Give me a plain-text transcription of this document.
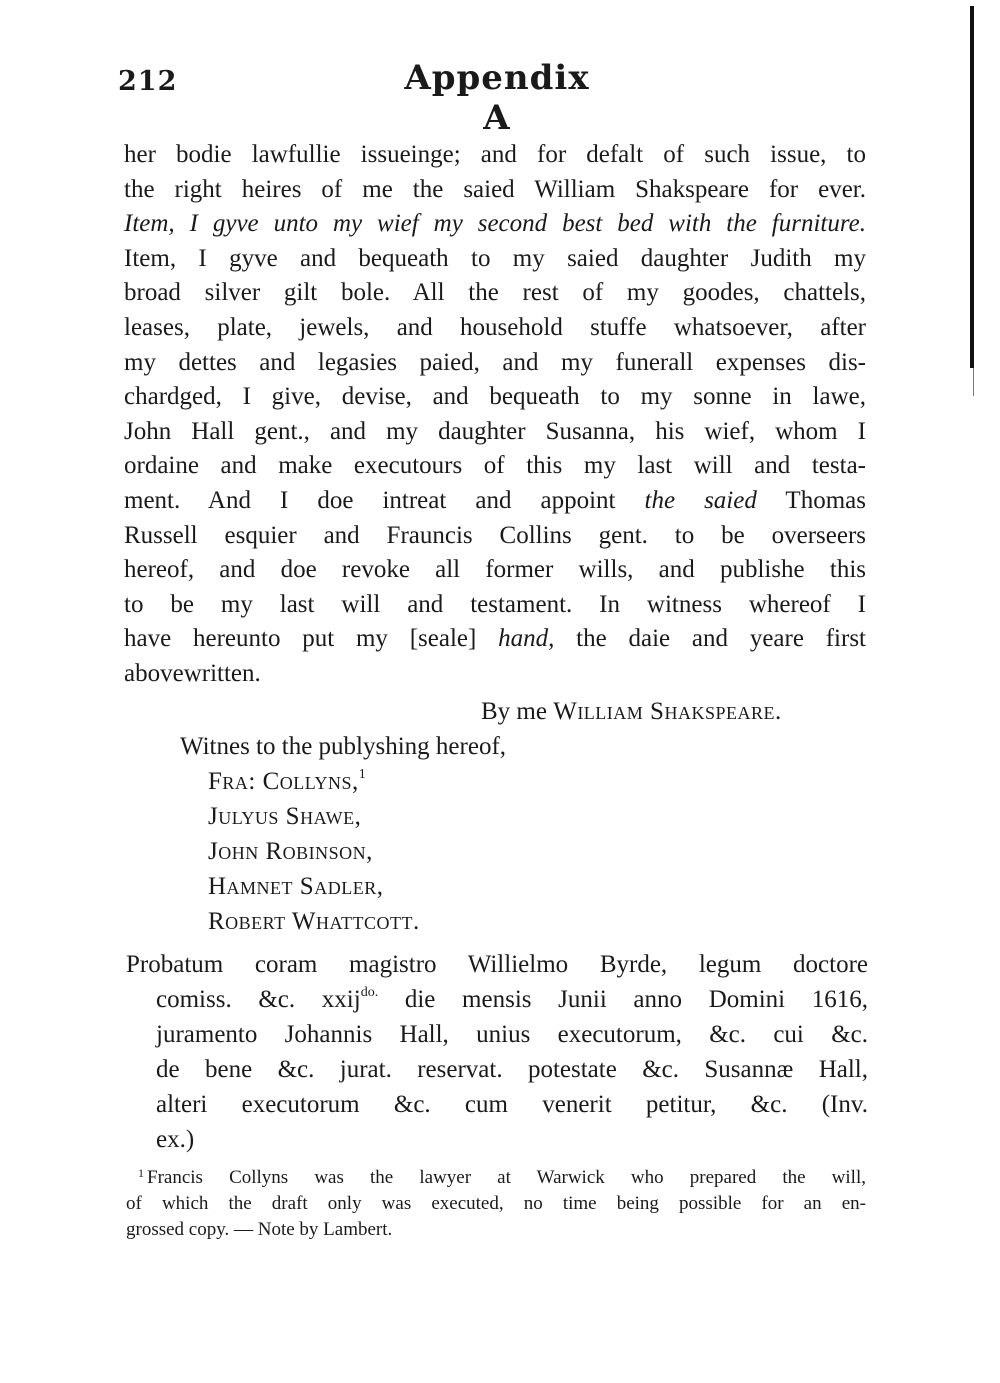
212	Appendix A
her bodie lawfullie issueinge; and for defalt of such issue, to
the right heires of me the saied William Shakspeare for ever.
Item, I gyve unto my wief my second best bed with the furniture.
Item, I gyve and bequeath to my saied daughter Judith my
broad silver gilt bole. All the rest of my goodes, chattels,
leases, plate, jewels, and household stuffe whatsoever, after
my dettes and legasies paied, and my funerall expenses dis-
chardged, I give, devise, and bequeath to my sonne in lawe,
John Hall gent., and my daughter Susanna, his wief, whom I
ordaine and make executours of this my last will and testa-
ment. And I doe intreat and appoint the saied Thomas
Russell esquier and Frauncis Collins gent. to be overseers
hereof, and doe revoke all former wills, and publishe this
to be my last will and testament. In witness whereof I
have hereunto put my [seale] hand, the daie and yeare first
abovewritten.
By me William Shakspeare.
Witnes to the publyshing hereof,
Fra: Collyns,$^1$
Julyus Shawe,
John Robinson,
Hamnet Sadler,
Robert Whattcott.
Probatum coram magistro Willielmo Byrde, legum doctore
comiss. &c. xxij$^{do.}$ die mensis Junii anno Domini 1616,
juramento Johannis Hall, unius executorum, &c. cui &c.
de bene &c. jurat. reservat. potestate &c. Susannæ Hall,
alteri executorum &c. cum venerit petitur, &c. (Inv.
ex.)
$^1$ Francis Collyns was the lawyer at Warwick who prepared the will,
of which the draft only was executed, no time being possible for an en-
grossed copy. — Note by Lambert.
